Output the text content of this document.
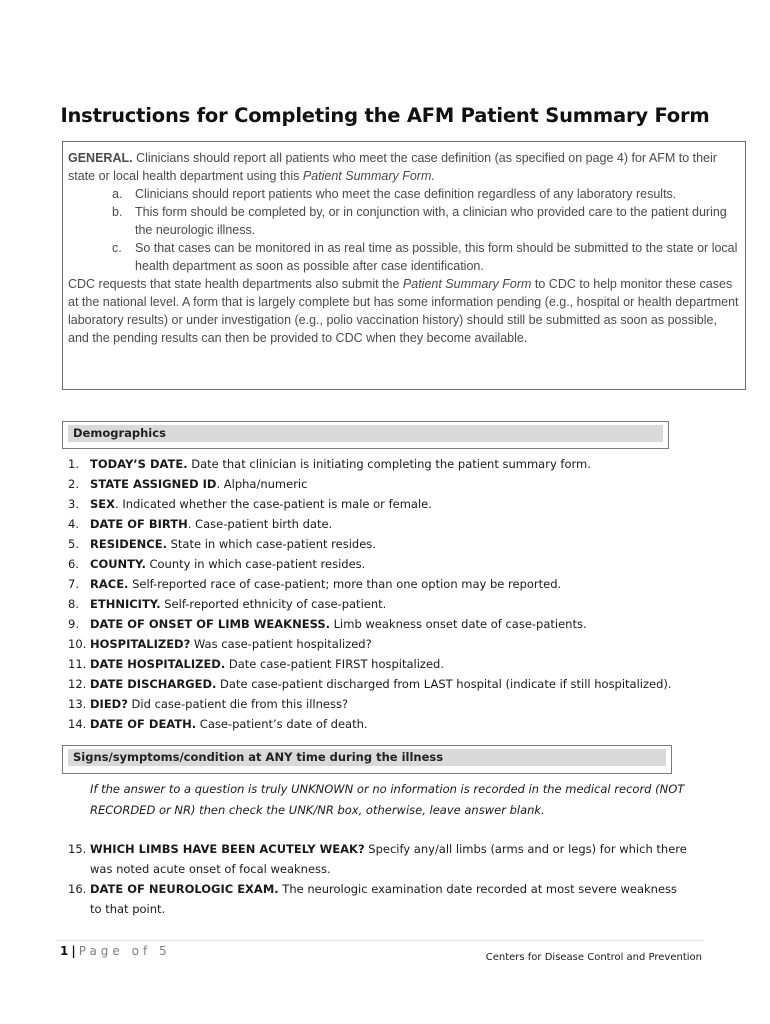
Instructions for Completing the AFM Patient Summary Form
GENERAL. Clinicians should report all patients who meet the case definition (as specified on page 4) for AFM to their state or local health department using this Patient Summary Form.
a.	Clinicians should report patients who meet the case definition regardless of any laboratory results.
b.	This form should be completed by, or in conjunction with, a clinician who provided care to the patient during the neurologic illness.
c.	So that cases can be monitored in as real time as possible, this form should be submitted to the state or local health department as soon as possible after case identification.
CDC requests that state health departments also submit the Patient Summary Form to CDC to help monitor these cases at the national level. A form that is largely complete but has some information pending (e.g., hospital or health department laboratory results) or under investigation (e.g., polio vaccination history) should still be submitted as soon as possible, and the pending results can then be provided to CDC when they become available.
Demographics
1. TODAY’S DATE. Date that clinician is initiating completing the patient summary form.
2. STATE ASSIGNED ID. Alpha/numeric
3. SEX. Indicated whether the case-patient is male or female.
4. DATE OF BIRTH. Case-patient birth date.
5. RESIDENCE. State in which case-patient resides.
6. COUNTY. County in which case-patient resides.
7. RACE. Self-reported race of case-patient; more than one option may be reported.
8. ETHNICITY. Self-reported ethnicity of case-patient.
9. DATE OF ONSET OF LIMB WEAKNESS. Limb weakness onset date of case-patients.
10. HOSPITALIZED? Was case-patient hospitalized?
11. DATE HOSPITALIZED. Date case-patient FIRST hospitalized.
12. DATE DISCHARGED. Date case-patient discharged from LAST hospital (indicate if still hospitalized).
13. DIED? Did case-patient die from this illness?
14. DATE OF DEATH. Case-patient’s date of death.
Signs/symptoms/condition at ANY time during the illness
If the answer to a question is truly UNKNOWN or no information is recorded in the medical record (NOT RECORDED or NR) then check the UNK/NR box, otherwise, leave answer blank.
15. WHICH LIMBS HAVE BEEN ACUTELY WEAK? Specify any/all limbs (arms and or legs) for which there was noted acute onset of focal weakness.
16. DATE OF NEUROLOGIC EXAM. The neurologic examination date recorded at most severe weakness to that point.
1 | Page of 5	Centers for Disease Control and Prevention
